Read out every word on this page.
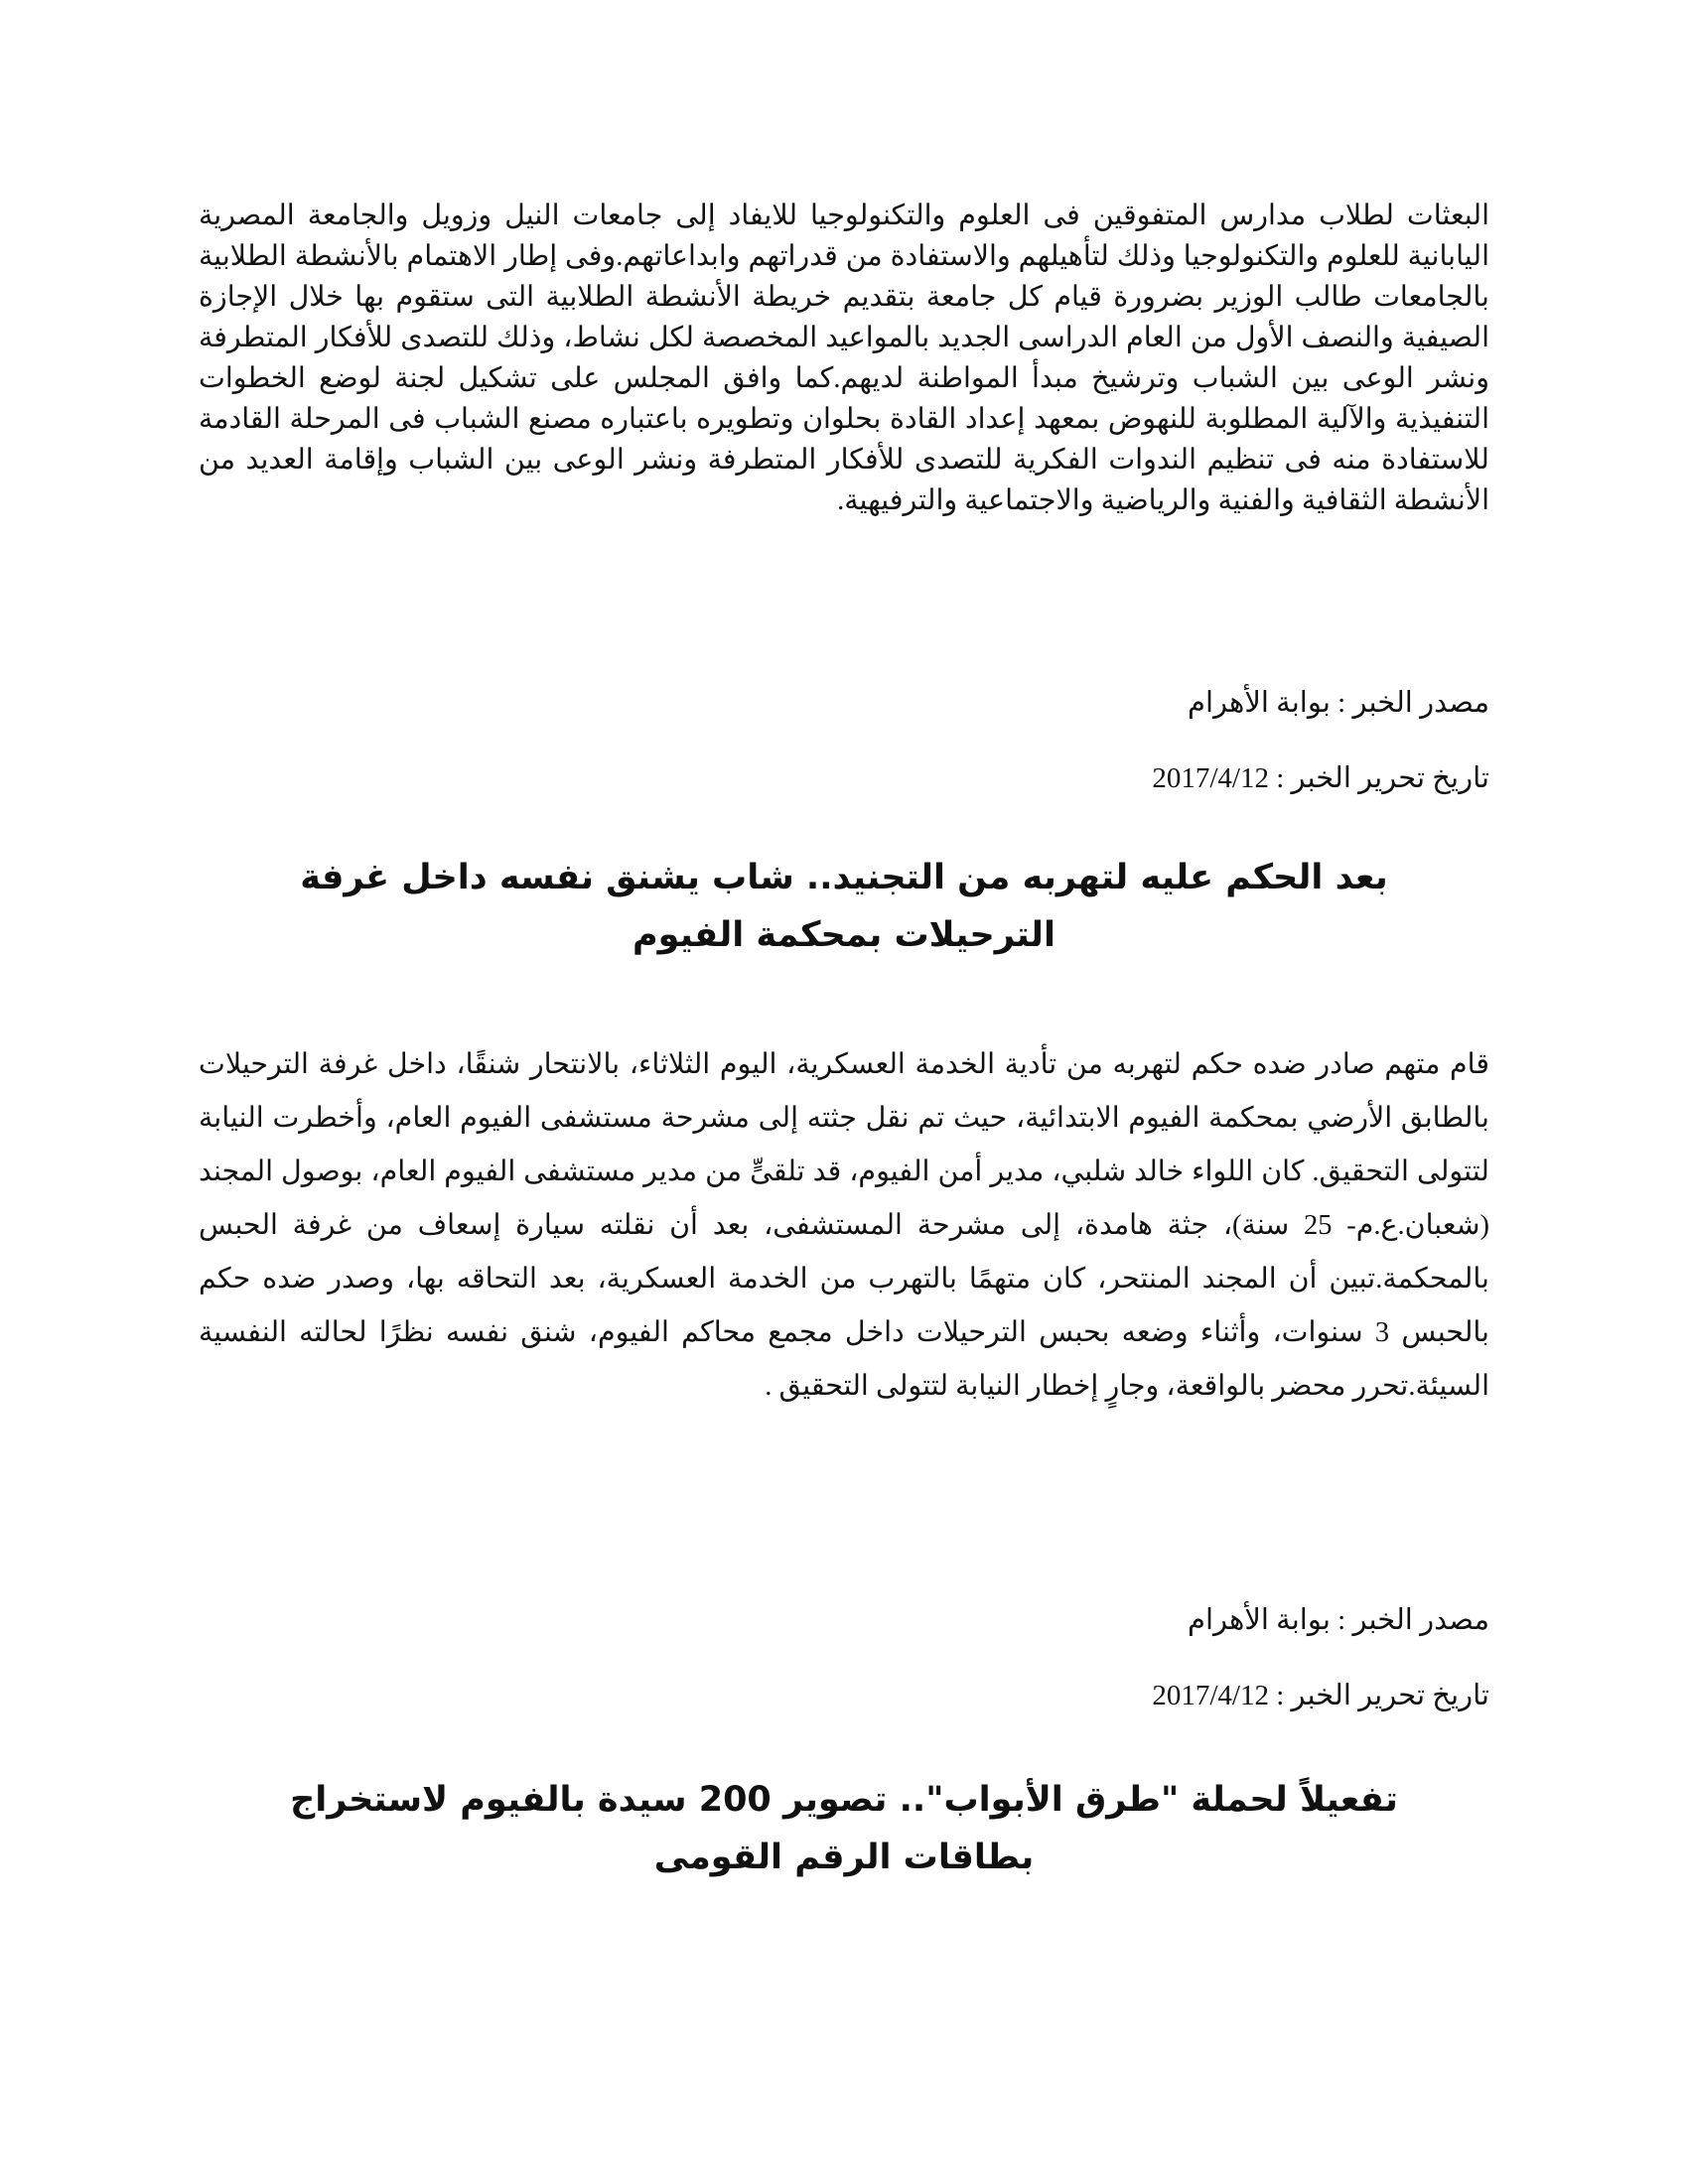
البعثات لطلاب مدارس المتفوقين فى العلوم والتكنولوجيا للايفاد إلى جامعات النيل وزويل والجامعة المصرية اليابانية للعلوم والتكنولوجيا وذلك لتأهيلهم والاستفادة من قدراتهم وابداعاتهم.وفى إطار الاهتمام بالأنشطة الطلابية بالجامعات طالب الوزير بضرورة قيام كل جامعة بتقديم خريطة الأنشطة الطلابية التى ستقوم بها خلال الإجازة الصيفية والنصف الأول من العام الدراسى الجديد بالمواعيد المخصصة لكل نشاط، وذلك للتصدى للأفكار المتطرفة ونشر الوعى بين الشباب وترشيخ مبدأ المواطنة لديهم.كما وافق المجلس على تشكيل لجنة لوضع الخطوات التنفيذية والآلية المطلوبة للنهوض بمعهد إعداد القادة بحلوان وتطويره باعتباره مصنع الشباب فى المرحلة القادمة للاستفادة منه فى تنظيم الندوات الفكرية للتصدى للأفكار المتطرفة ونشر الوعى بين الشباب وإقامة العديد من الأنشطة الثقافية والفنية والرياضية والاجتماعية والترفيهية.

مصدر الخبر : بوابة الأهرام

تاريخ تحرير الخبر : 2017/4/12

بعد الحكم عليه لتهربه من التجنيد.. شاب يشنق نفسه داخل غرفة الترحيلات بمحكمة الفيوم

قام متهم صادر ضده حكم لتهربه من تأدية الخدمة العسكرية، اليوم الثلاثاء، بالانتحار شنقًا، داخل غرفة الترحيلات بالطابق الأرضي بمحكمة الفيوم الابتدائية، حيث تم نقل جثته إلى مشرحة مستشفى الفيوم العام، وأخطرت النيابة لتتولى التحقيق. كان اللواء خالد شلبي، مدير أمن الفيوم، قد تلقىٍّ من مدير مستشفى الفيوم العام، بوصول المجند (شعبان.ع.م- 25 سنة)، جثة هامدة، إلى مشرحة المستشفى، بعد أن نقلته سيارة إسعاف من غرفة الحبس بالمحكمة.تبين أن المجند المنتحر، كان متهمًا بالتهرب من الخدمة العسكرية، بعد التحاقه بها، وصدر ضده حكم بالحبس 3 سنوات، وأثناء وضعه بحبس الترحيلات داخل مجمع محاكم الفيوم، شنق نفسه نظرًا لحالته النفسية السيئة.تحرر محضر بالواقعة، وجارٍ إخطار النيابة لتتولى التحقيق .

مصدر الخبر : بوابة الأهرام

تاريخ تحرير الخبر : 2017/4/12

تفعيلاً لحملة "طرق الأبواب".. تصوير 200 سيدة بالفيوم لاستخراج بطاقات الرقم القومى
